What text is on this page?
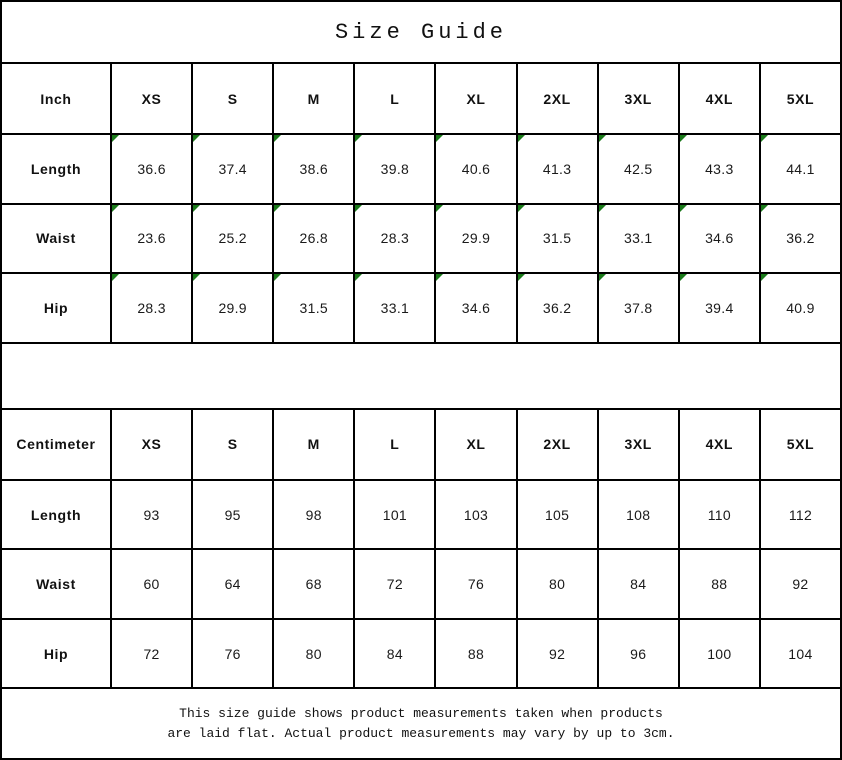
Size Guide									
Inch	XS	S	M	L	XL	2XL	3XL	4XL	5XL
Length	36.6	37.4	38.6	39.8	40.6	41.3	42.5	43.3	44.1
Waist	23.6	25.2	26.8	28.3	29.9	31.5	33.1	34.6	36.2
Hip	28.3	29.9	31.5	33.1	34.6	36.2	37.8	39.4	40.9

Centimeter	XS	S	M	L	XL	2XL	3XL	4XL	5XL
Length	93	95	98	101	103	105	108	110	112
Waist	60	64	68	72	76	80	84	88	92
Hip	72	76	80	84	88	92	96	100	104

This size guide shows product measurements taken when products
are laid flat. Actual product measurements may vary by up to 3cm.									
